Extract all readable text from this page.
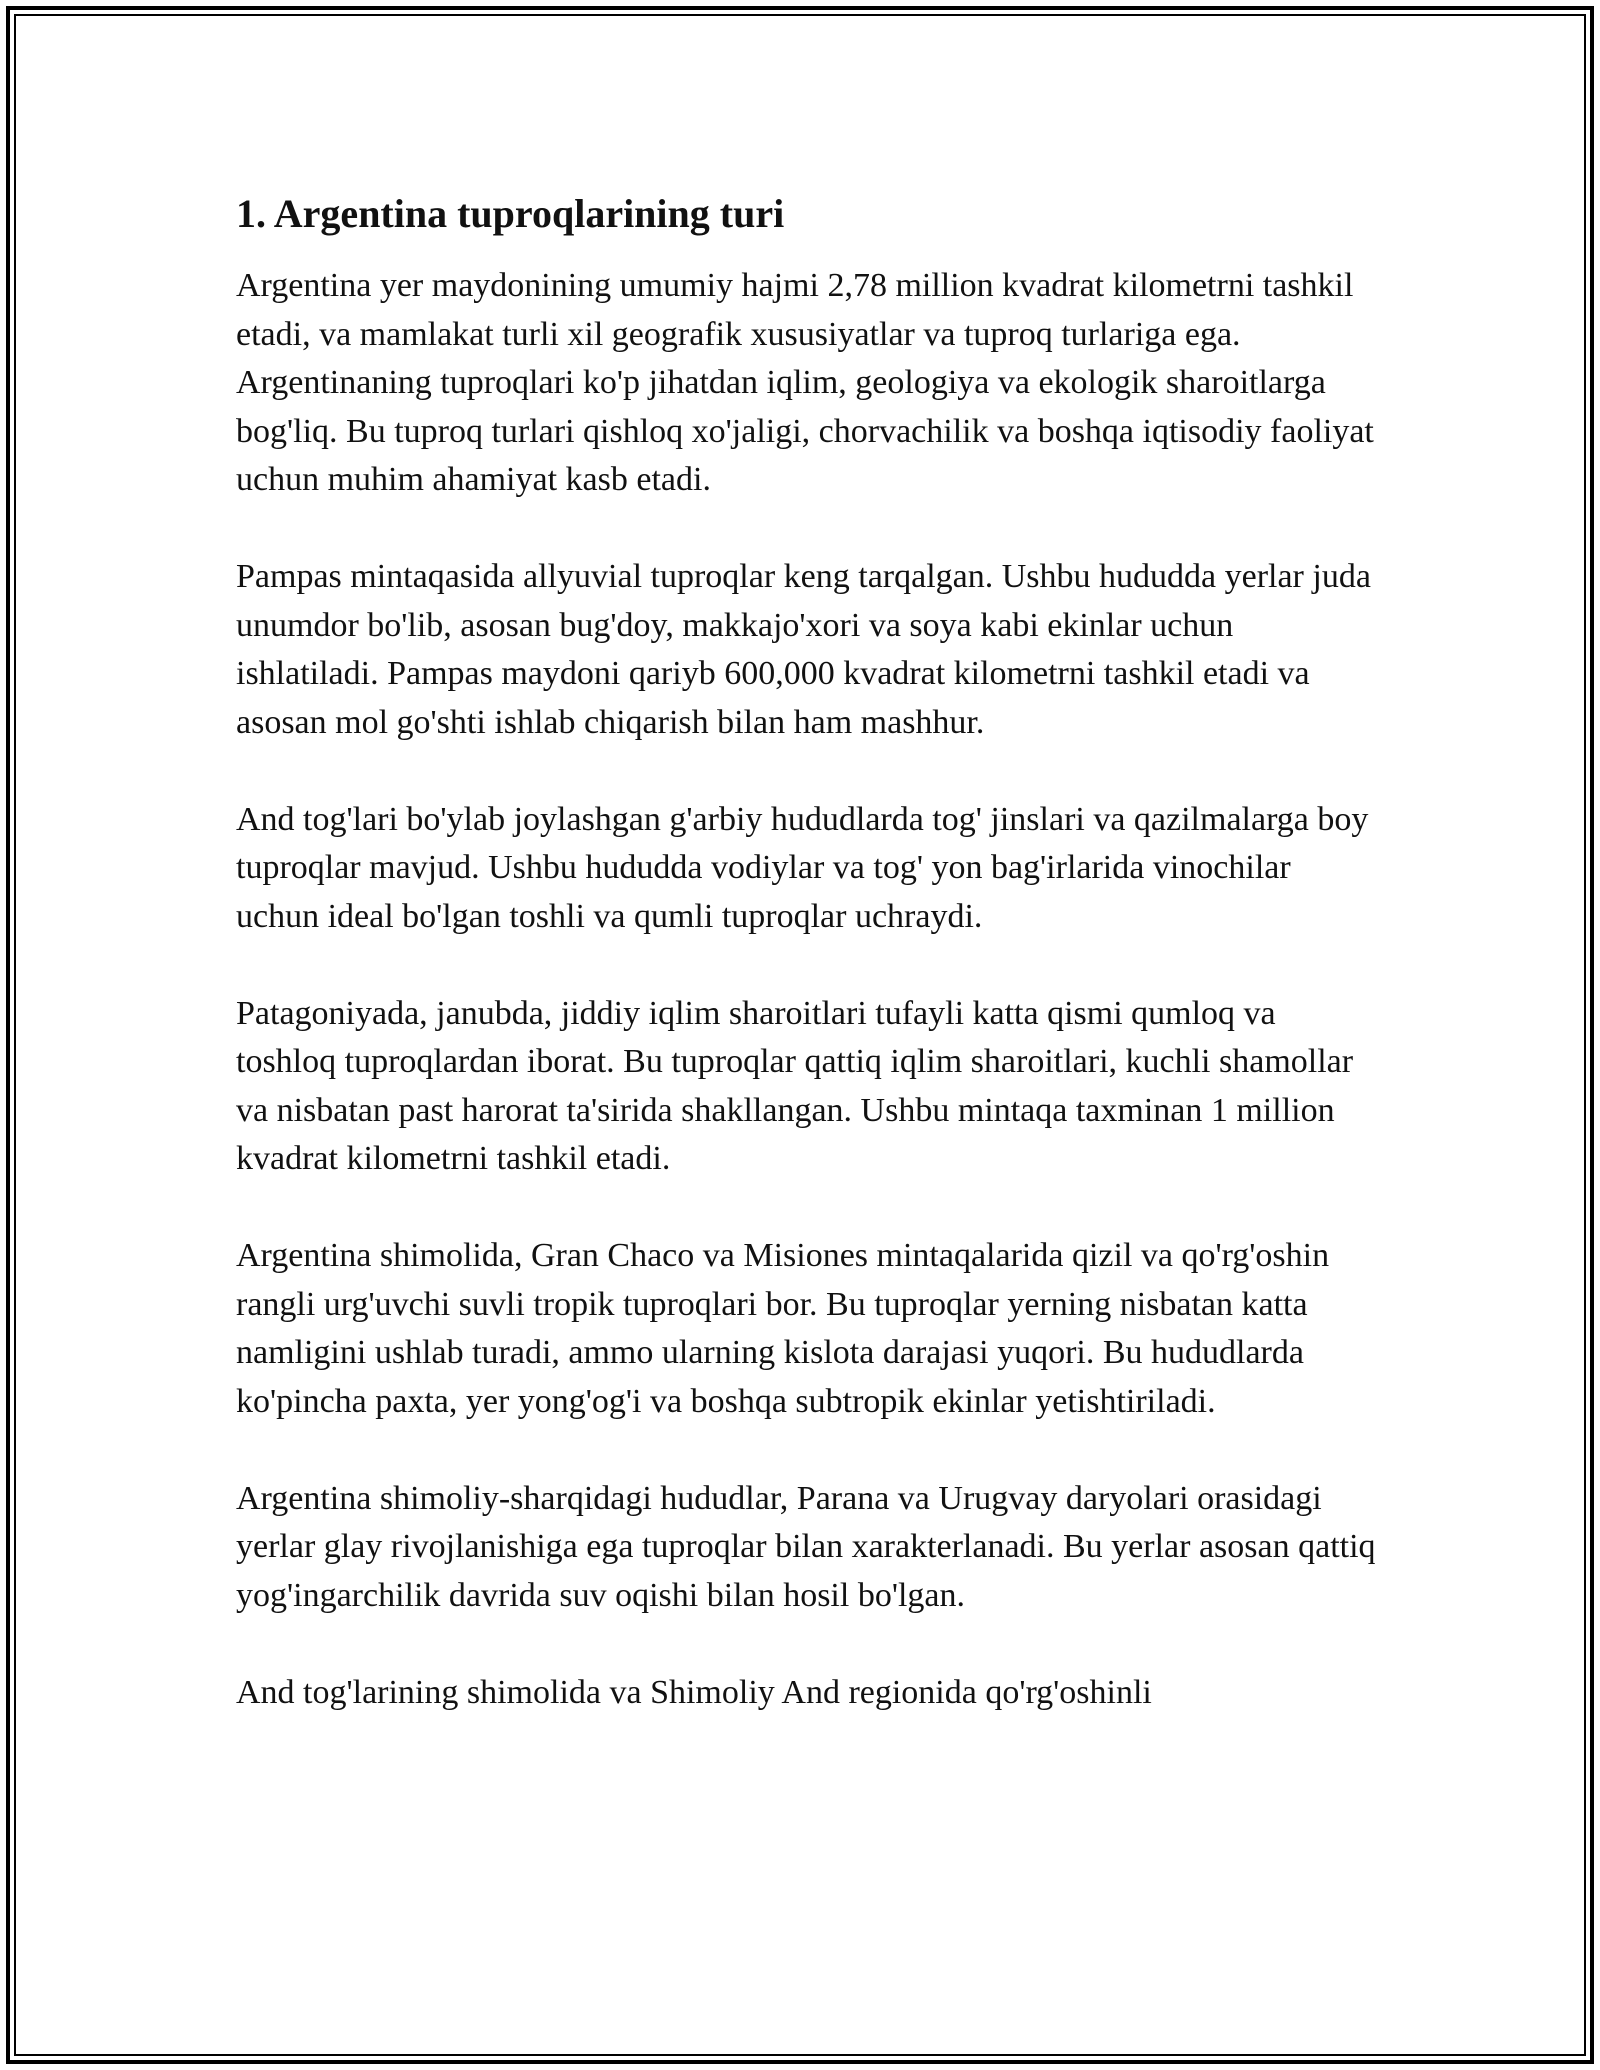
1. Argentina tuproqlarining turi

Argentina yer maydonining umumiy hajmi 2,78 million kvadrat kilometrni tashkil etadi, va mamlakat turli xil geografik xususiyatlar va tuproq turlariga ega. Argentinaning tuproqlari ko'p jihatdan iqlim, geologiya va ekologik sharoitlarga bog'liq. Bu tuproq turlari qishloq xo'jaligi, chorvachilik va boshqa iqtisodiy faoliyat uchun muhim ahamiyat kasb etadi.

Pampas mintaqasida allyuvial tuproqlar keng tarqalgan. Ushbu hududda yerlar juda unumdor bo'lib, asosan bug'doy, makkajo'xori va soya kabi ekinlar uchun ishlatiladi. Pampas maydoni qariyb 600,000 kvadrat kilometrni tashkil etadi va asosan mol go'shti ishlab chiqarish bilan ham mashhur.

And tog'lari bo'ylab joylashgan g'arbiy hududlarda tog' jinslari va qazilmalarga boy tuproqlar mavjud. Ushbu hududda vodiylar va tog' yon bag'irlarida vinochilar uchun ideal bo'lgan toshli va qumli tuproqlar uchraydi.

Patagoniyada, janubda, jiddiy iqlim sharoitlari tufayli katta qismi qumloq va toshloq tuproqlardan iborat. Bu tuproqlar qattiq iqlim sharoitlari, kuchli shamollar va nisbatan past harorat ta'sirida shakllangan. Ushbu mintaqa taxminan 1 million kvadrat kilometrni tashkil etadi.

Argentina shimolida, Gran Chaco va Misiones mintaqalarida qizil va qo'rg'oshin rangli urg'uvchi suvli tropik tuproqlari bor. Bu tuproqlar yerning nisbatan katta namligini ushlab turadi, ammo ularning kislota darajasi yuqori. Bu hududlarda ko'pincha paxta, yer yong'og'i va boshqa subtropik ekinlar yetishtiriladi.

Argentina shimoliy-sharqidagi hududlar, Parana va Urugvay daryolari orasidagi yerlar glay rivojlanishiga ega tuproqlar bilan xarakterlanadi. Bu yerlar asosan qattiq yog'ingarchilik davrida suv oqishi bilan hosil bo'lgan.

And tog'larining shimolida va Shimoliy And regionida qo'rg'oshinli
